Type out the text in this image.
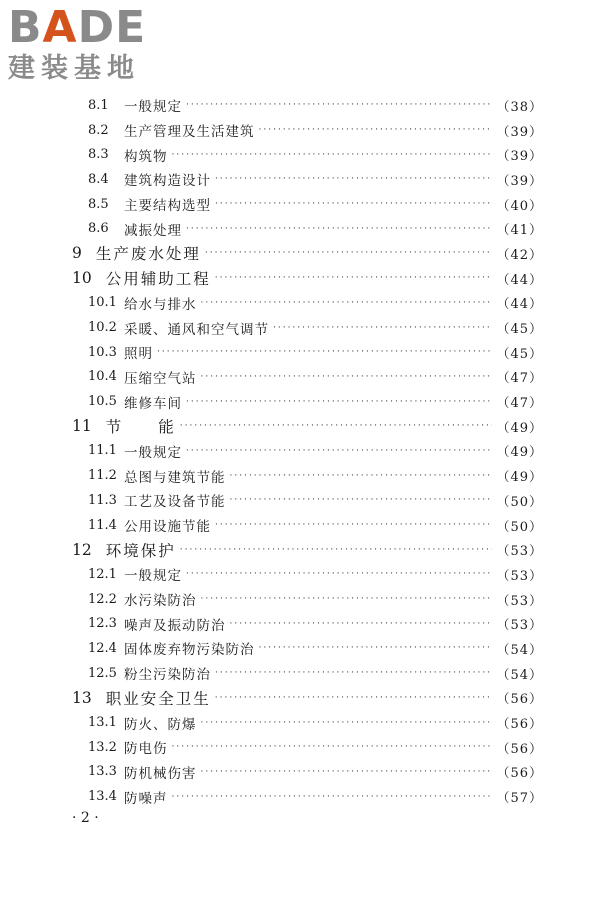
B A DE
建装基地
8.1	一般规定 ·····	（38）
8.2	生产管理及生活建筑 ·····	（39）
8.3	构筑物 ·····	（39）
8.4	建筑构造设计 ·····	（39）
8.5	主要结构选型 ·····	（40）
8.6	减振处理 ·····	（41）
9 生产废水处理 ·····	（42）
10 公用辅助工程 ·····	（44）
10.1 给水与排水 ·····	（44）
10.2 采暖、通风和空气调节 ·····	（45）
10.3 照明 ·····	（45）
10.4 压缩空气站 ·····	（47）
10.5 维修车间 ·····	（47）
11 节　　能 ·····	（49）
11.1 一般规定 ·····	（49）
11.2 总图与建筑节能 ·····	（49）
11.3 工艺及设备节能 ·····	（50）
11.4 公用设施节能 ·····	（50）
12 环境保护 ·····	（53）
12.1 一般规定 ·····	（53）
12.2 水污染防治 ·····	（53）
12.3 噪声及振动防治 ·····	（53）
12.4 固体废弃物污染防治 ·····	（54）
12.5 粉尘污染防治 ·····	（54）
13 职业安全卫生 ·····	（56）
13.1 防火、防爆 ·····	（56）
13.2 防电伤 ·····	（56）
13.3 防机械伤害 ·····	（56）
13.4 防噪声 ·····	（57）
· 2 ·
